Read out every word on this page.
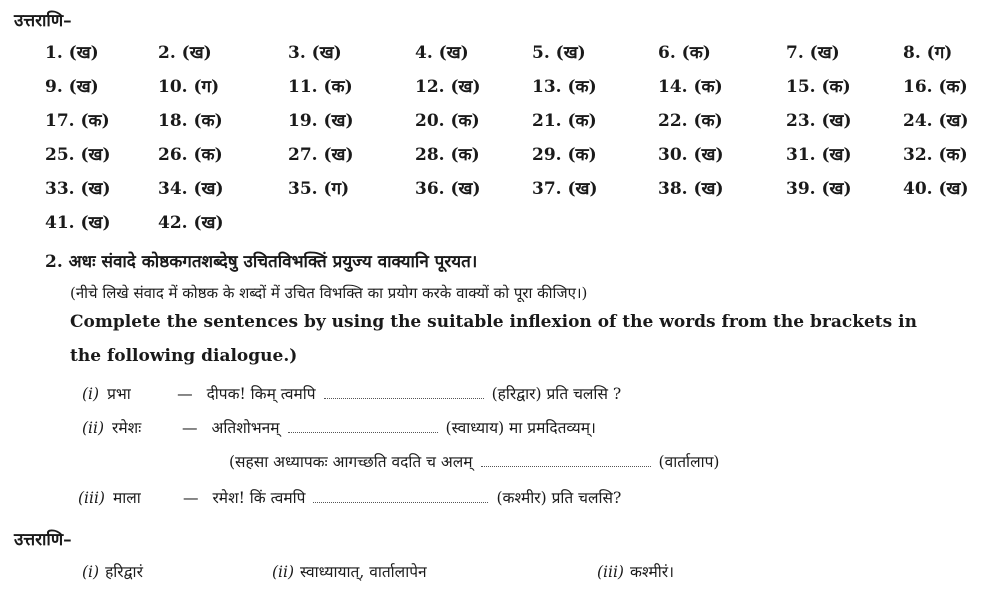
उत्तराणि–
1. (ख)	2. (ख)	3. (ख)	4. (ख)	5. (ख)	6. (क)	7. (ख)	8. (ग)
9. (ख)	10. (ग)	11. (क)	12. (ख)	13. (क)	14. (क)	15. (क)	16. (क)
17. (क)	18. (क)	19. (ख)	20. (क)	21. (क)	22. (क)	23. (ख)	24. (ख)
25. (ख)	26. (क)	27. (ख)	28. (क)	29. (क)	30. (ख)	31. (ख)	32. (क)
33. (ख)	34. (ख)	35. (ग)	36. (ख)	37. (ख)	38. (ख)	39. (ख)	40. (ख)
41. (ख)	42. (ख)
2. अधः संवादे कोष्ठकगतशब्देषु उचितविभक्तिं प्रयुज्य वाक्यानि पूरयत।
(नीचे लिखे संवाद में कोष्ठक के शब्दों में उचित विभक्ति का प्रयोग करके वाक्यों को पूरा कीजिए।)
Complete the sentences by using the suitable inflexion of the words from the brackets in
the following dialogue.)
(i) प्रभा	— दीपक! किम् त्वमपि	(हरिद्वार) प्रति चलसि ?
(ii) रमेशः	— अतिशोभनम्	(स्वाध्याय) मा प्रमदितव्यम्।
(सहसा अध्यापकः आगच्छति वदति च अलम्	(वार्तालाप)
(iii) माला	— रमेश! किं त्वमपि	(कश्मीर) प्रति चलसि?
उत्तराणि–
(i) हरिद्वारं	(ii) स्वाध्यायात्, वार्तालापेन	(iii) कश्मीरं।
